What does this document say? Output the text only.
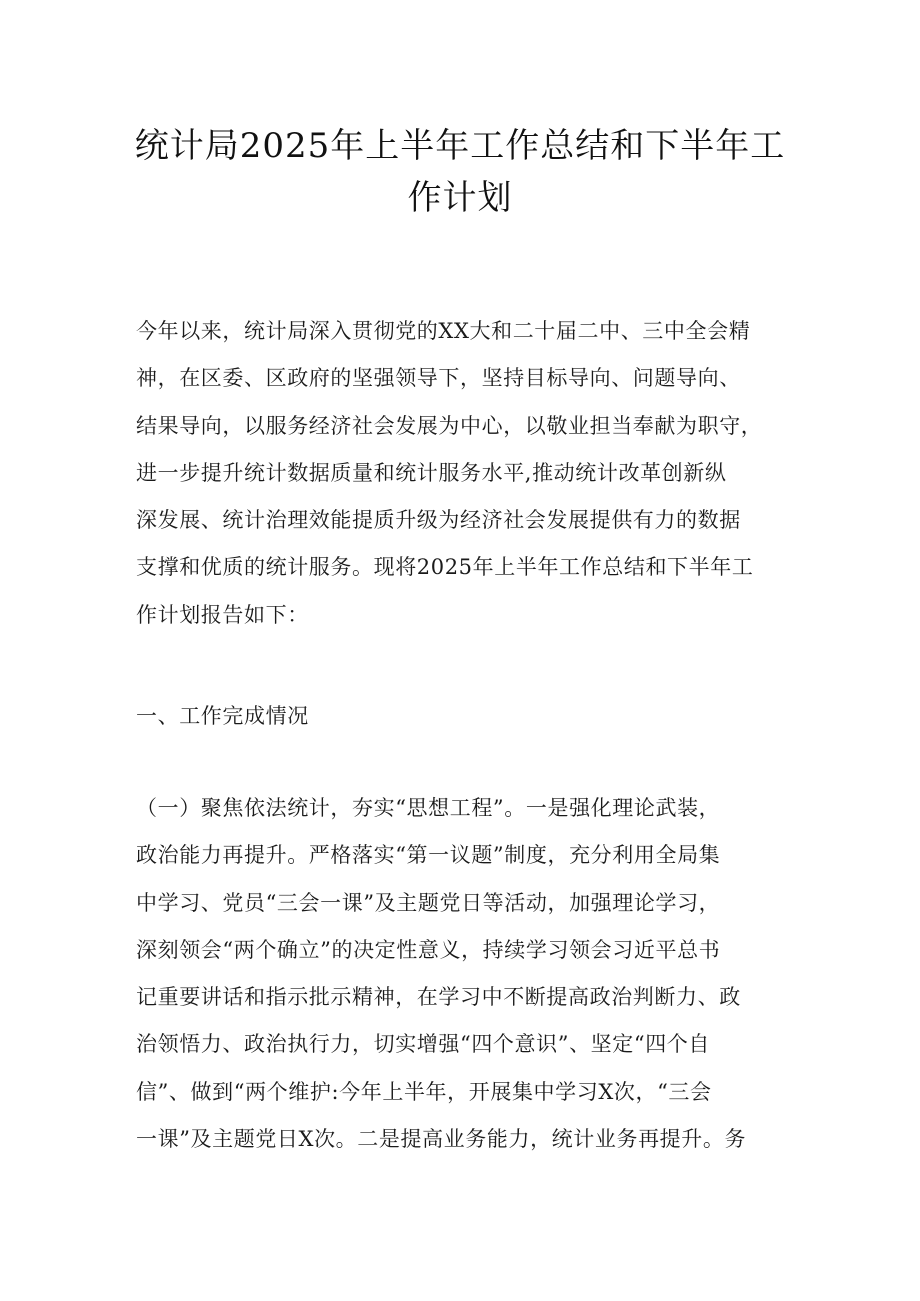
统计局2025年上半年工作总结和下半年工
作计划

今年以来，统计局深入贯彻党的XX大和二十届二中、三中全会精
神，在区委、区政府的坚强领导下，坚持目标导向、问题导向、
结果导向，以服务经济社会发展为中心，以敬业担当奉献为职守，
进一步提升统计数据质量和统计服务水平,推动统计改革创新纵
深发展、统计治理效能提质升级为经济社会发展提供有力的数据
支撑和优质的统计服务。现将2025年上半年工作总结和下半年工
作计划报告如下：

一、工作完成情况

（一）聚焦依法统计，夯实“思想工程”。一是强化理论武装，
政治能力再提升。严格落实“第一议题”制度，充分利用全局集
中学习、党员“三会一课”及主题党日等活动，加强理论学习，
深刻领会“两个确立”的决定性意义，持续学习领会习近平总书
记重要讲话和指示批示精神，在学习中不断提高政治判断力、政
治领悟力、政治执行力，切实增强“四个意识”、坚定“四个自
信”、做到“两个维护:今年上半年，开展集中学习X次，“三会
一课”及主题党日X次。二是提高业务能力，统计业务再提升。务
